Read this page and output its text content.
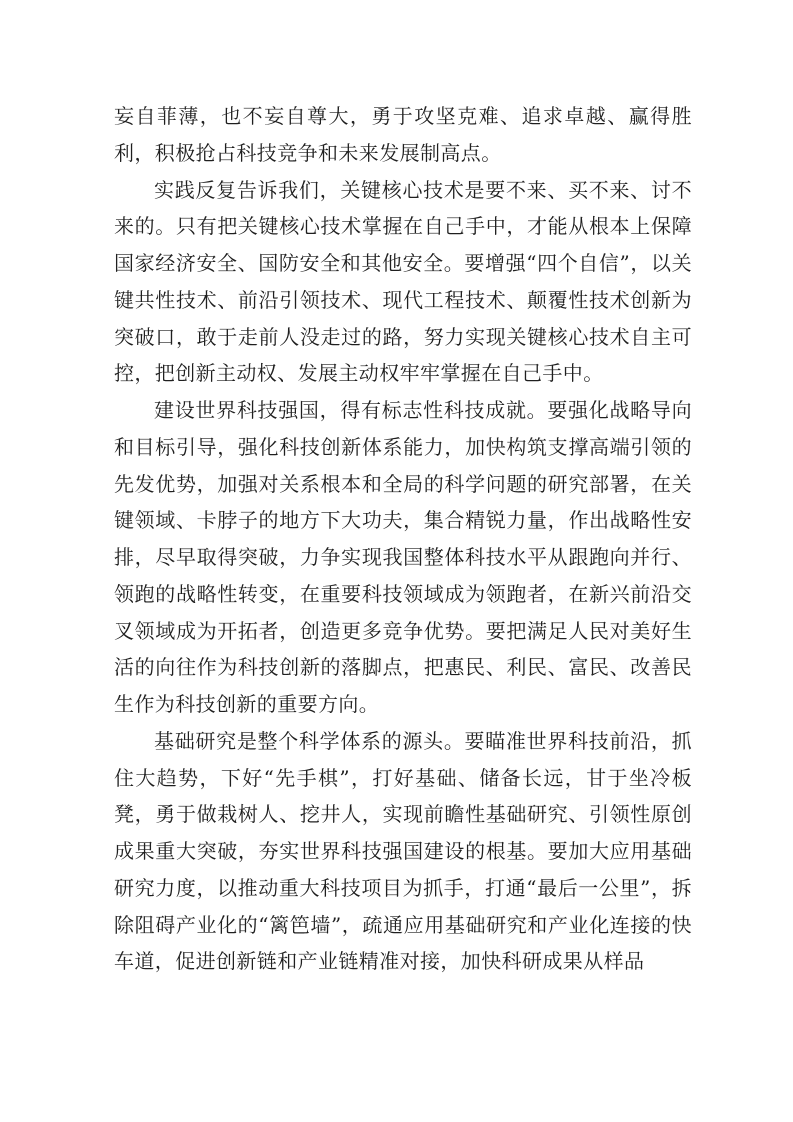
妄自菲薄，也不妄自尊大，勇于攻坚克难、追求卓越、赢得胜利，积极抢占科技竞争和未来发展制高点。

实践反复告诉我们，关键核心技术是要不来、买不来、讨不来的。只有把关键核心技术掌握在自己手中，才能从根本上保障国家经济安全、国防安全和其他安全。要增强“四个自信”，以关键共性技术、前沿引领技术、现代工程技术、颠覆性技术创新为突破口，敢于走前人没走过的路，努力实现关键核心技术自主可控，把创新主动权、发展主动权牢牢掌握在自己手中。

建设世界科技强国，得有标志性科技成就。要强化战略导向和目标引导，强化科技创新体系能力，加快构筑支撑高端引领的先发优势，加强对关系根本和全局的科学问题的研究部署，在关键领域、卡脖子的地方下大功夫，集合精锐力量，作出战略性安排，尽早取得突破，力争实现我国整体科技水平从跟跑向并行、领跑的战略性转变，在重要科技领域成为领跑者，在新兴前沿交叉领域成为开拓者，创造更多竞争优势。要把满足人民对美好生活的向往作为科技创新的落脚点，把惠民、利民、富民、改善民生作为科技创新的重要方向。

基础研究是整个科学体系的源头。要瞄准世界科技前沿，抓住大趋势，下好“先手棋”，打好基础、储备长远，甘于坐冷板凳，勇于做栽树人、挖井人，实现前瞻性基础研究、引领性原创成果重大突破，夯实世界科技强国建设的根基。要加大应用基础研究力度，以推动重大科技项目为抓手，打通“最后一公里”，拆除阻碍产业化的“篱笆墙”，疏通应用基础研究和产业化连接的快车道，促进创新链和产业链精准对接，加快科研成果从样品
